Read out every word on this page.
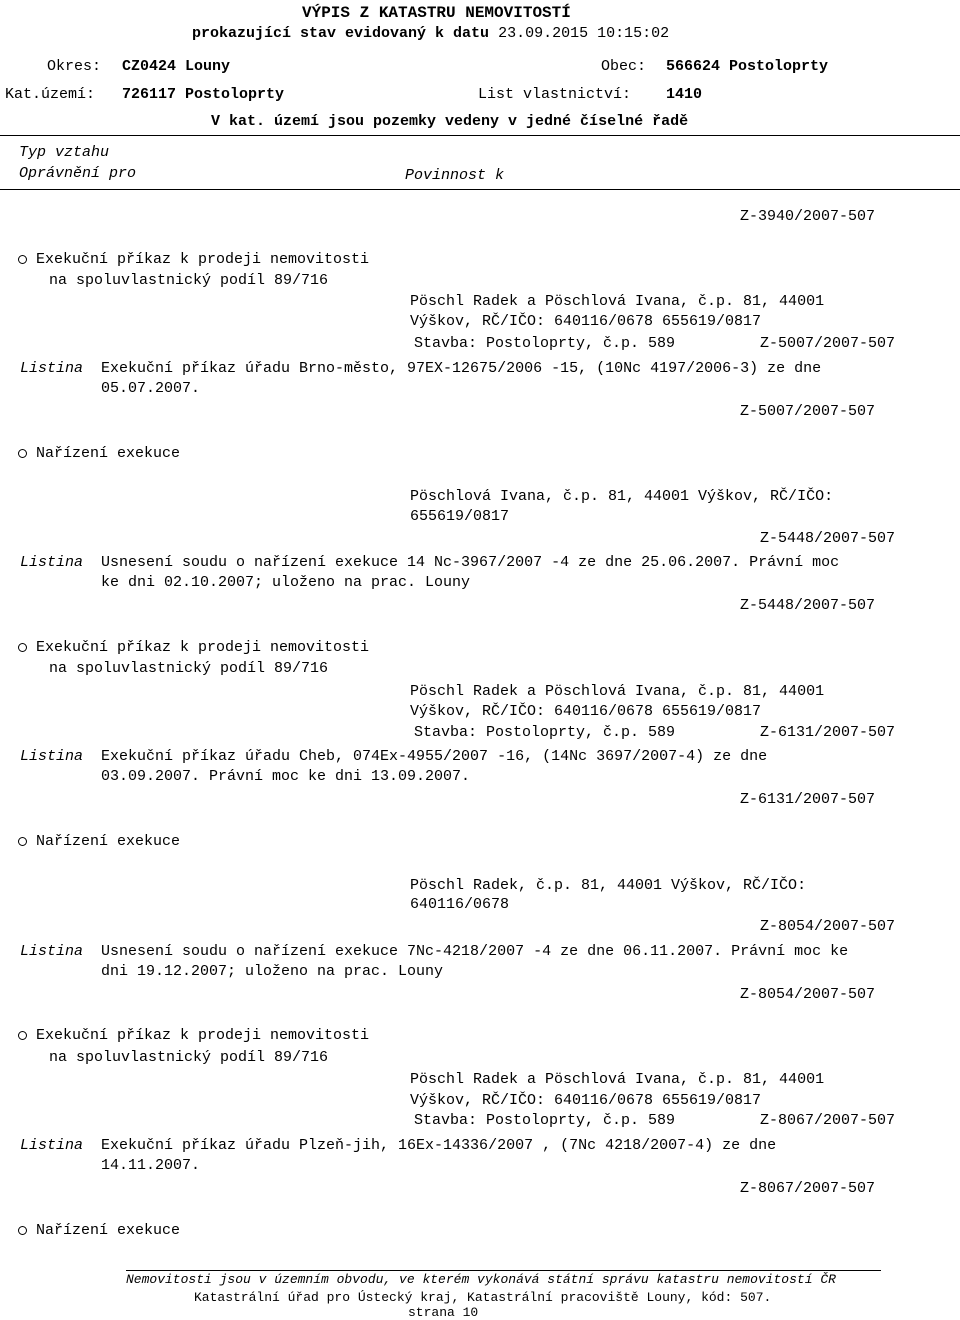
VÝPIS Z KATASTRU NEMOVITOSTÍ
prokazující stav evidovaný k datu 23.09.2015 10:15:02
Okres: CZ0424 Louny	Obec: 566624 Postoloprty
Kat.území: 726117 Postoloprty	List vlastnictví: 1410
V kat. území jsou pozemky vedeny v jedné číselné řadě
Typ vztahu
Oprávnění pro	Povinnost k
Z-3940/2007-507
Exekuční příkaz k prodeji nemovitosti
na spoluvlastnický podíl 89/716
Pöschl Radek a Pöschlová Ivana, č.p. 81, 44001
Výškov, RČ/IČO: 640116/0678 655619/0817
Stavba: Postoloprty, č.p. 589	Z-5007/2007-507
Listina Exekuční příkaz úřadu Brno-město, 97EX-12675/2006 -15, (10Nc 4197/2006-3) ze dne
05.07.2007.
Z-5007/2007-507
Nařízení exekuce
Pöschlová Ivana, č.p. 81, 44001 Výškov, RČ/IČO:
655619/0817
Z-5448/2007-507
Listina Usnesení soudu o nařízení exekuce 14 Nc-3967/2007 -4 ze dne 25.06.2007. Právní moc
ke dni 02.10.2007; uloženo na prac. Louny
Z-5448/2007-507
Exekuční příkaz k prodeji nemovitosti
na spoluvlastnický podíl 89/716
Pöschl Radek a Pöschlová Ivana, č.p. 81, 44001
Výškov, RČ/IČO: 640116/0678 655619/0817
Stavba: Postoloprty, č.p. 589	Z-6131/2007-507
Listina Exekuční příkaz úřadu Cheb, 074Ex-4955/2007 -16, (14Nc 3697/2007-4) ze dne
03.09.2007. Právní moc ke dni 13.09.2007.
Z-6131/2007-507
Nařízení exekuce
Pöschl Radek, č.p. 81, 44001 Výškov, RČ/IČO:
640116/0678
Z-8054/2007-507
Listina Usnesení soudu o nařízení exekuce 7Nc-4218/2007 -4 ze dne 06.11.2007. Právní moc ke
dni 19.12.2007; uloženo na prac. Louny
Z-8054/2007-507
Exekuční příkaz k prodeji nemovitosti
na spoluvlastnický podíl 89/716
Pöschl Radek a Pöschlová Ivana, č.p. 81, 44001
Výškov, RČ/IČO: 640116/0678 655619/0817
Stavba: Postoloprty, č.p. 589	Z-8067/2007-507
Listina Exekuční příkaz úřadu Plzeň-jih, 16Ex-14336/2007 , (7Nc 4218/2007-4) ze dne
14.11.2007.
Z-8067/2007-507
Nařízení exekuce
Nemovitosti jsou v územním obvodu, ve kterém vykonává státní správu katastru nemovitostí ČR
Katastrální úřad pro Ústecký kraj, Katastrální pracoviště Louny, kód: 507.
strana 10
